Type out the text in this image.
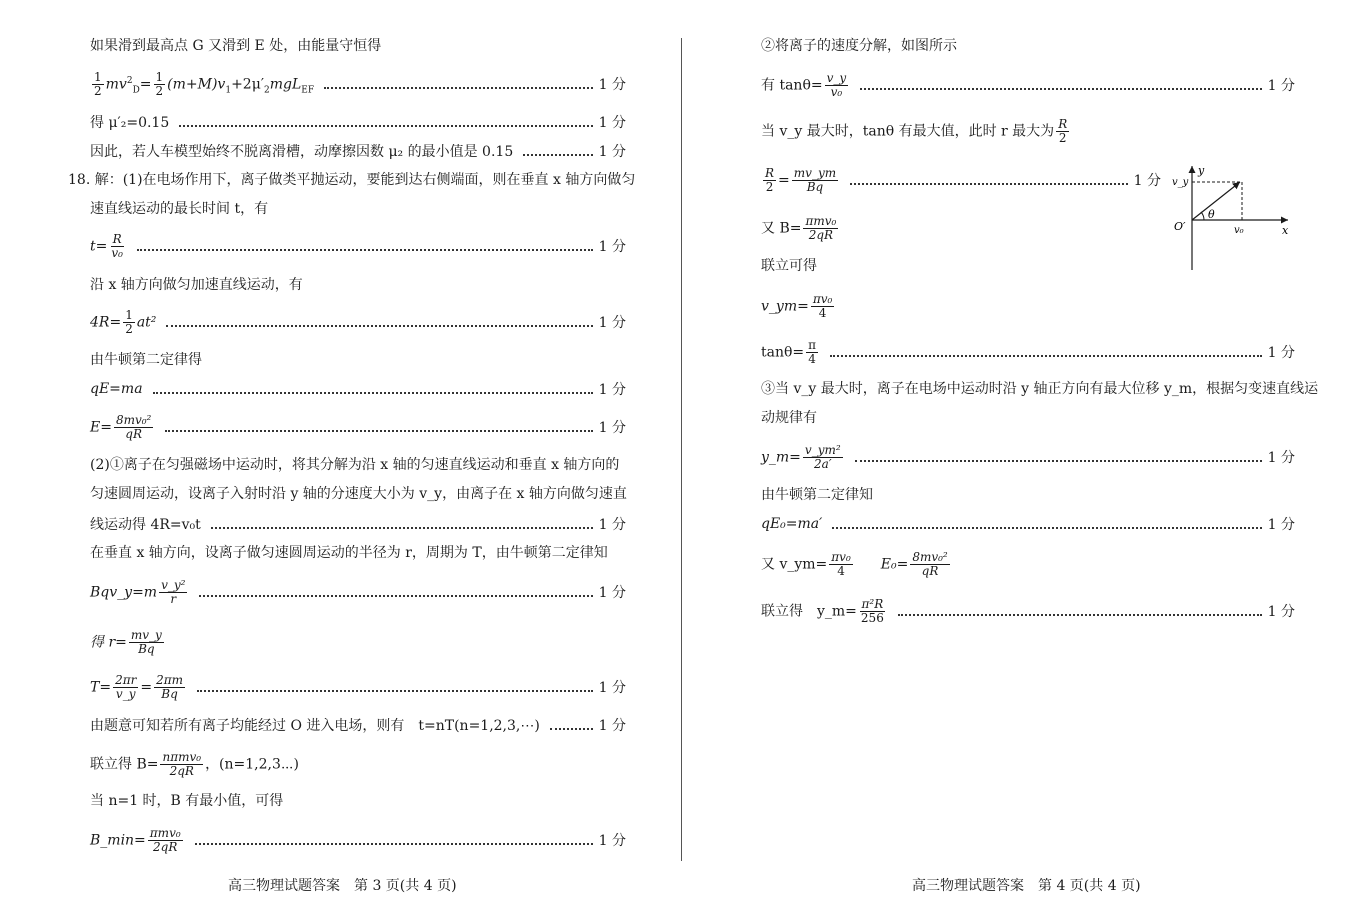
如果滑到最高点 G 又滑到 E 处，由能量守恒得
$\frac{1}{2} mv^2_D= \frac{1}{2} (m+M)v_1+2\mu'_2mgL_{EF}$	1 分
得 μ′₂=0.15	1 分
因此，若人车模型始终不脱离滑槽，动摩擦因数 μ₂ 的最小值是 0.15	1 分
18. 解：(1)在电场作用下，离子做类平抛运动，要能到达右侧端面，则在垂直 x 轴方向做匀
速直线运动的最长时间 t，有
$t= \frac{R}{\text{v₀}}$	1 分
沿 x 轴方向做匀加速直线运动，有
$4R= \frac{1}{2} at^2$	1 分
由牛顿第二定律得
qE=ma	1 分
$E= \frac{\text{8mv₀²}}{qR}$	1 分
(2)①离子在匀强磁场中运动时，将其分解为沿 x 轴的匀速直线运动和垂直 x 轴方向的
匀速圆周运动，设离子入射时沿 y 轴的分速度大小为 v_y，由离子在 x 轴方向做匀速直
线运动得 4R=v₀t	1 分
在垂直 x 轴方向，设离子做匀速圆周运动的半径为 r，周期为 T，由牛顿第二定律知
Bqv_y=m $\frac{\text{v\_y²}}{r}$	1 分
得 $r= \frac{mv\_y}{Bq}$
$T= \frac{2\pi r}{v\_y} = \frac{2\pi m}{Bq}$	1 分
由题意可知若所有离子均能经过 O 进入电场，则有　t=nT(n=1,2,3,⋯)	1 分
联立得 $B= \frac{\text{nπmv₀}}{2qR}$ ，(n=1,2,3⋯)
当 n=1 时，B 有最小值，可得
B_min= $\frac{\text{πmv₀}}{2qR}$	1 分
高三物理试题答案　第 3 页(共 4 页)
②将离子的速度分解，如图所示
有 $\tan\theta= \frac{v\_y}{\text{v₀}}$	1 分
当 v_y 最大时，tanθ 有最大值，此时 r 最大为 $\frac{R}{2}$
$\frac{R}{2} = \frac{mv\_ym}{Bq}$	1 分
又 $B= \frac{\text{πmv₀}}{2qR}$
联立可得
v_ym= $\frac{\text{πv₀}}{4}$
$\tan\theta= \frac{\pi}{4}$	1 分
③当 v_y 最大时，离子在电场中运动时沿 y 轴正方向有最大位移 y_m，根据匀变速直线运
动规律有
y_m= $\frac{\text{v\_ym²}}{2a'}$	1 分
由牛顿第二定律知
qE₀=ma′	1 分
又 v_ym= $\frac{\text{πv₀}}{4} E_0= \frac{\text{8mv₀²}}{qR}$
联立得　y_m= $\frac{\text{π²R}}{256}$	1 分
y
x
v_y
v₀
O′
θ
高三物理试题答案　第 4 页(共 4 页)
